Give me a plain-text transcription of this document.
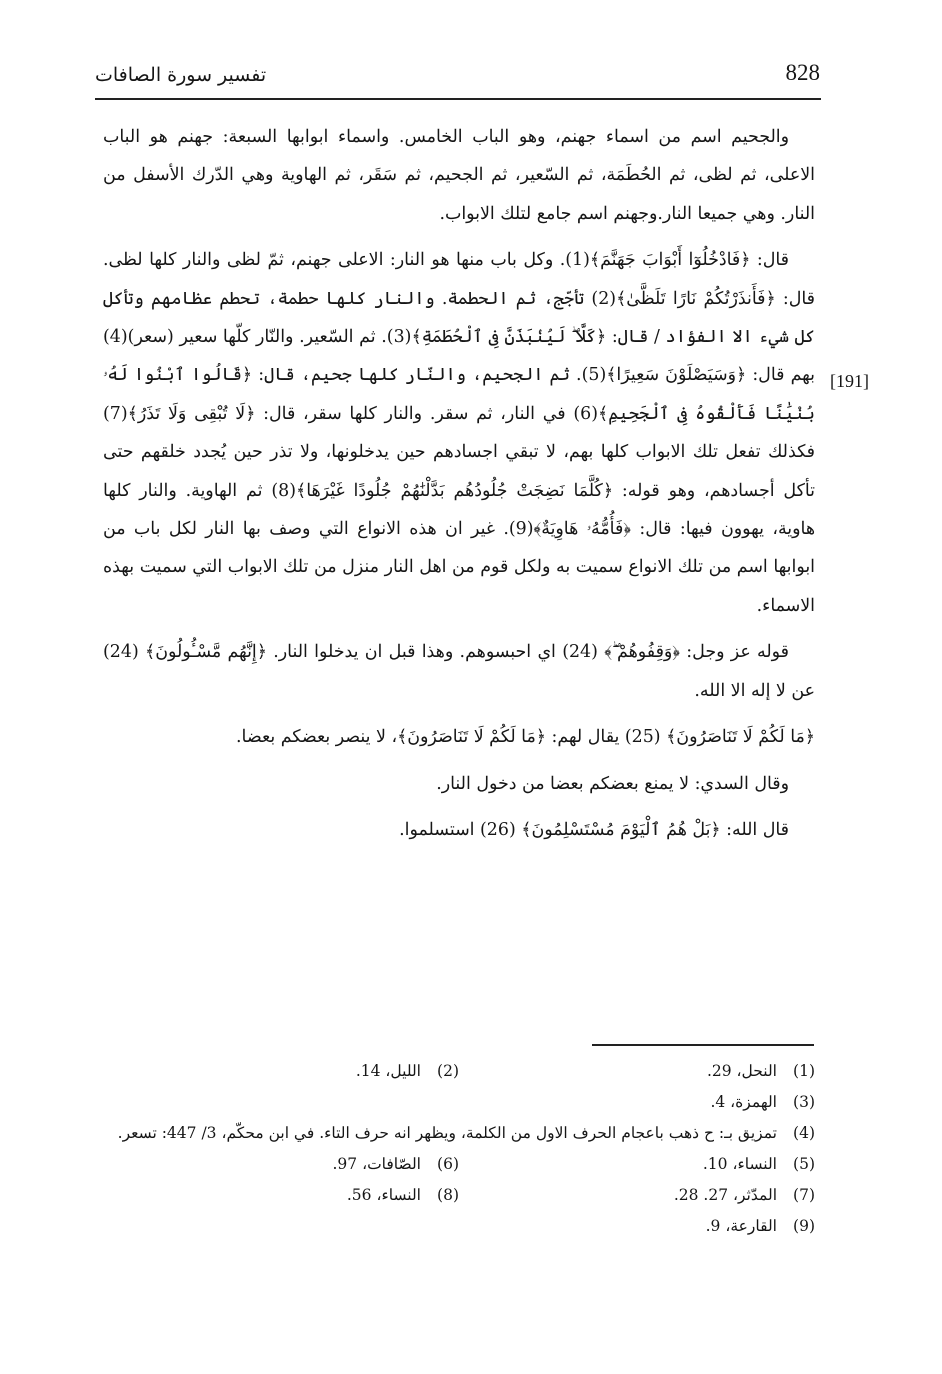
تفسير سورة الصافات	828
[191]

والجحيم اسم من اسماء جهنم، وهو الباب الخامس. واسماء ابوابها السبعة: جهنم هو الباب الاعلى، ثم لظى، ثم الحُطَمَة، ثم السّعير، ثم الجحيم، ثم سَقَر، ثم الهاوية وهي الدّرك الأسفل من النار. وهي جميعا النار.وجهنم اسم جامع لتلك الابواب.

قال: ﴿فَادْخُلُوٓا أَبْوَابَ جَهَنَّمَ﴾(1). وكل باب منها هو النار: الاعلى جهنم، ثمّ لظى والنار كلها لظى. قال: ﴿فَأَنذَرْتُكُمْ نَارًا تَلَظَّىٰ﴾(2) تأجّج، ثم الحطمة. والنار كلها حطمة، تحطم عظامهم وتأكل كل شيء الا الفؤاد / قال: ﴿كَلَّا ۖ لَيُنۢبَذَنَّ فِى ٱلْحُطَمَةِ﴾(3). ثم السّعير. والنّار كلّها سعير (سعر)(4) بهم قال: ﴿وَسَيَصْلَوْنَ سَعِيرًا﴾(5). ثم الجحيم، والنّار كلها جحيم، قال: ﴿قَالُوا ٱبْنُوا لَهُۥ بُنْيَٰنًا فَأَلْقُوهُ فِى ٱلْجَحِيمِ﴾(6) في النار، ثم سقر. والنار كلها سقر، قال: ﴿لَا تُبْقِى وَلَا تَذَرُ﴾(7) فكذلك تفعل تلك الابواب كلها بهم، لا تبقي اجسادهم حين يدخلونها، ولا تذر حين يُجدد خلقهم حتى تأكل أجسادهم، وهو قوله: ﴿كُلَّمَا نَضِجَتْ جُلُودُهُم بَدَّلْنَٰهُمْ جُلُودًا غَيْرَهَا﴾(8) ثم الهاوية. والنار كلها هاوية، يهوون فيها: قال: ﴿فَأُمُّهُۥ هَاوِيَةٌ﴾(9). غير ان هذه الانواع التي وصف بها النار لكل باب من ابوابها اسم من تلك الانواع سميت به ولكل قوم من اهل النار منزل من تلك الابواب التي سميت بهذه الاسماء.

قوله عز وجل: ﴿وَقِفُوهُمْ ۖ﴾ (24) اي احبسوهم. وهذا قبل ان يدخلوا النار. ﴿إِنَّهُم مَّسْـُٔولُونَ﴾ (24) عن لا إله الا الله.

﴿مَا لَكُمْ لَا تَنَاصَرُونَ﴾ (25) يقال لهم: ﴿مَا لَكُمْ لَا تَنَاصَرُونَ﴾، لا ينصر بعضكم بعضا.

وقال السدي: لا يمنع بعضكم بعضا من دخول النار.

قال الله: ﴿بَلْ هُمُ ٱلْيَوْمَ مُسْتَسْلِمُونَ﴾ (26) استسلموا.

(1)
النحل، 29.
(2)
الليل، 14.
(3)
الهمزة، 4.
(4)
تمزيق بـ: ح ذهب باعجام الحرف الاول من الكلمة، ويظهر انه حرف التاء. في ابن محكّم، 3/ 447: تسعر.
(5)
النساء، 10.
(6)
الصّافات، 97.
(7)
المدّثر، 27. 28.
(8)
النساء، 56.
(9)
القارعة، 9.
